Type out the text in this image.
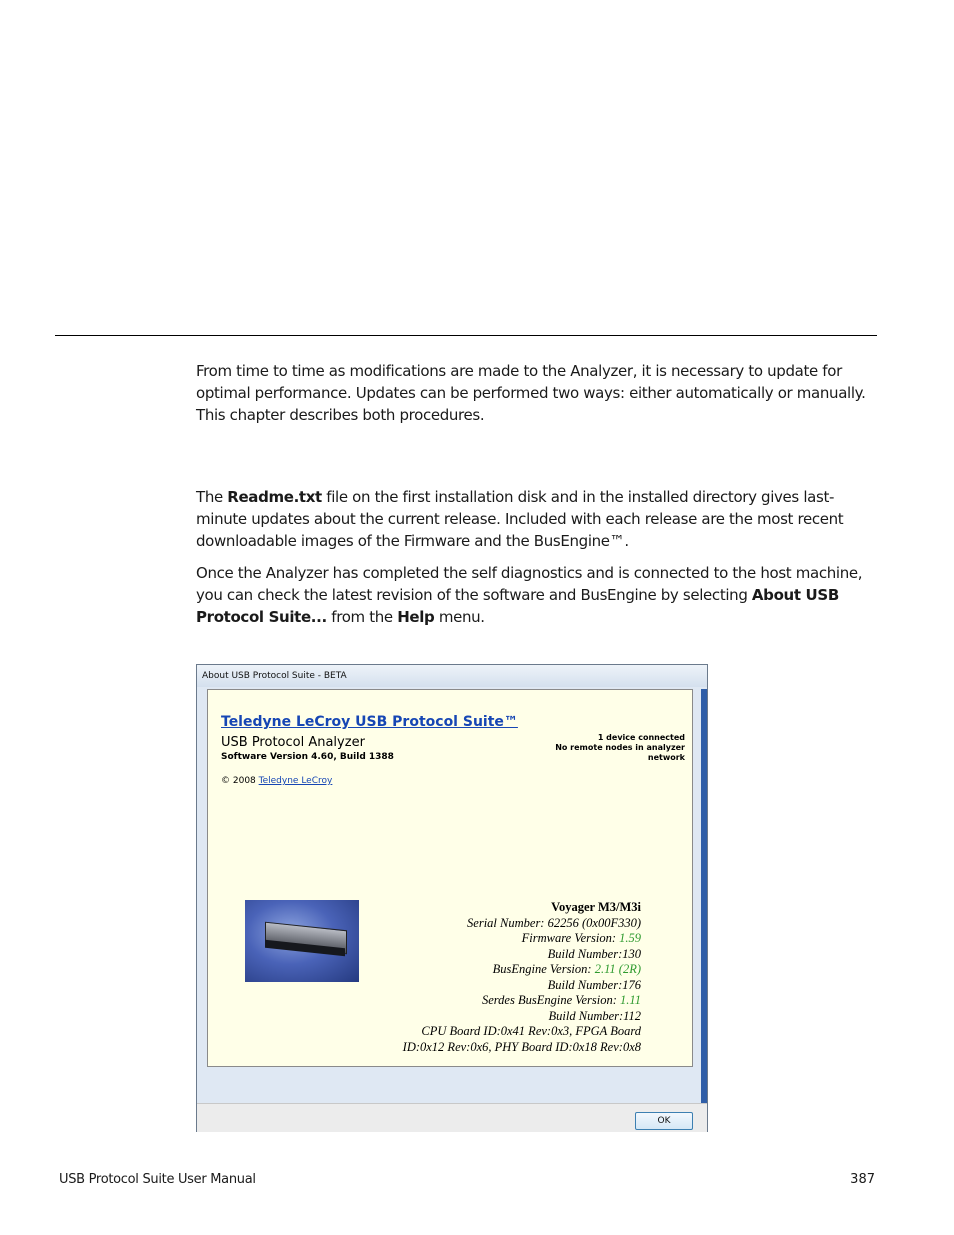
From time to time as modifications are made to the Analyzer, it is necessary to update for optimal performance. Updates can be performed two ways: either automatically or manually. This chapter describes both procedures.
The Readme.txt file on the first installation disk and in the installed directory gives last-minute updates about the current release. Included with each release are the most recent downloadable images of the Firmware and the BusEngine™.
Once the Analyzer has completed the self diagnostics and is connected to the host machine, you can check the latest revision of the software and BusEngine by selecting About USB Protocol Suite... from the Help menu.
About USB Protocol Suite - BETA
Teledyne LeCroy USB Protocol Suite™
USB Protocol Analyzer
Software Version 4.60, Build 1388
© 2008 Teledyne LeCroy
1 device connected
No remote nodes in analyzer
network
Voyager M3/M3i
Serial Number: 62256 (0x00F330)
Firmware Version: 1.59
Build Number:130
BusEngine Version: 2.11 (2R)
Build Number:176
Serdes BusEngine Version: 1.11
Build Number:112
CPU Board ID:0x41 Rev:0x3, FPGA Board
ID:0x12 Rev:0x6, PHY Board ID:0x18 Rev:0x8
OK
USB Protocol Suite User Manual	387
